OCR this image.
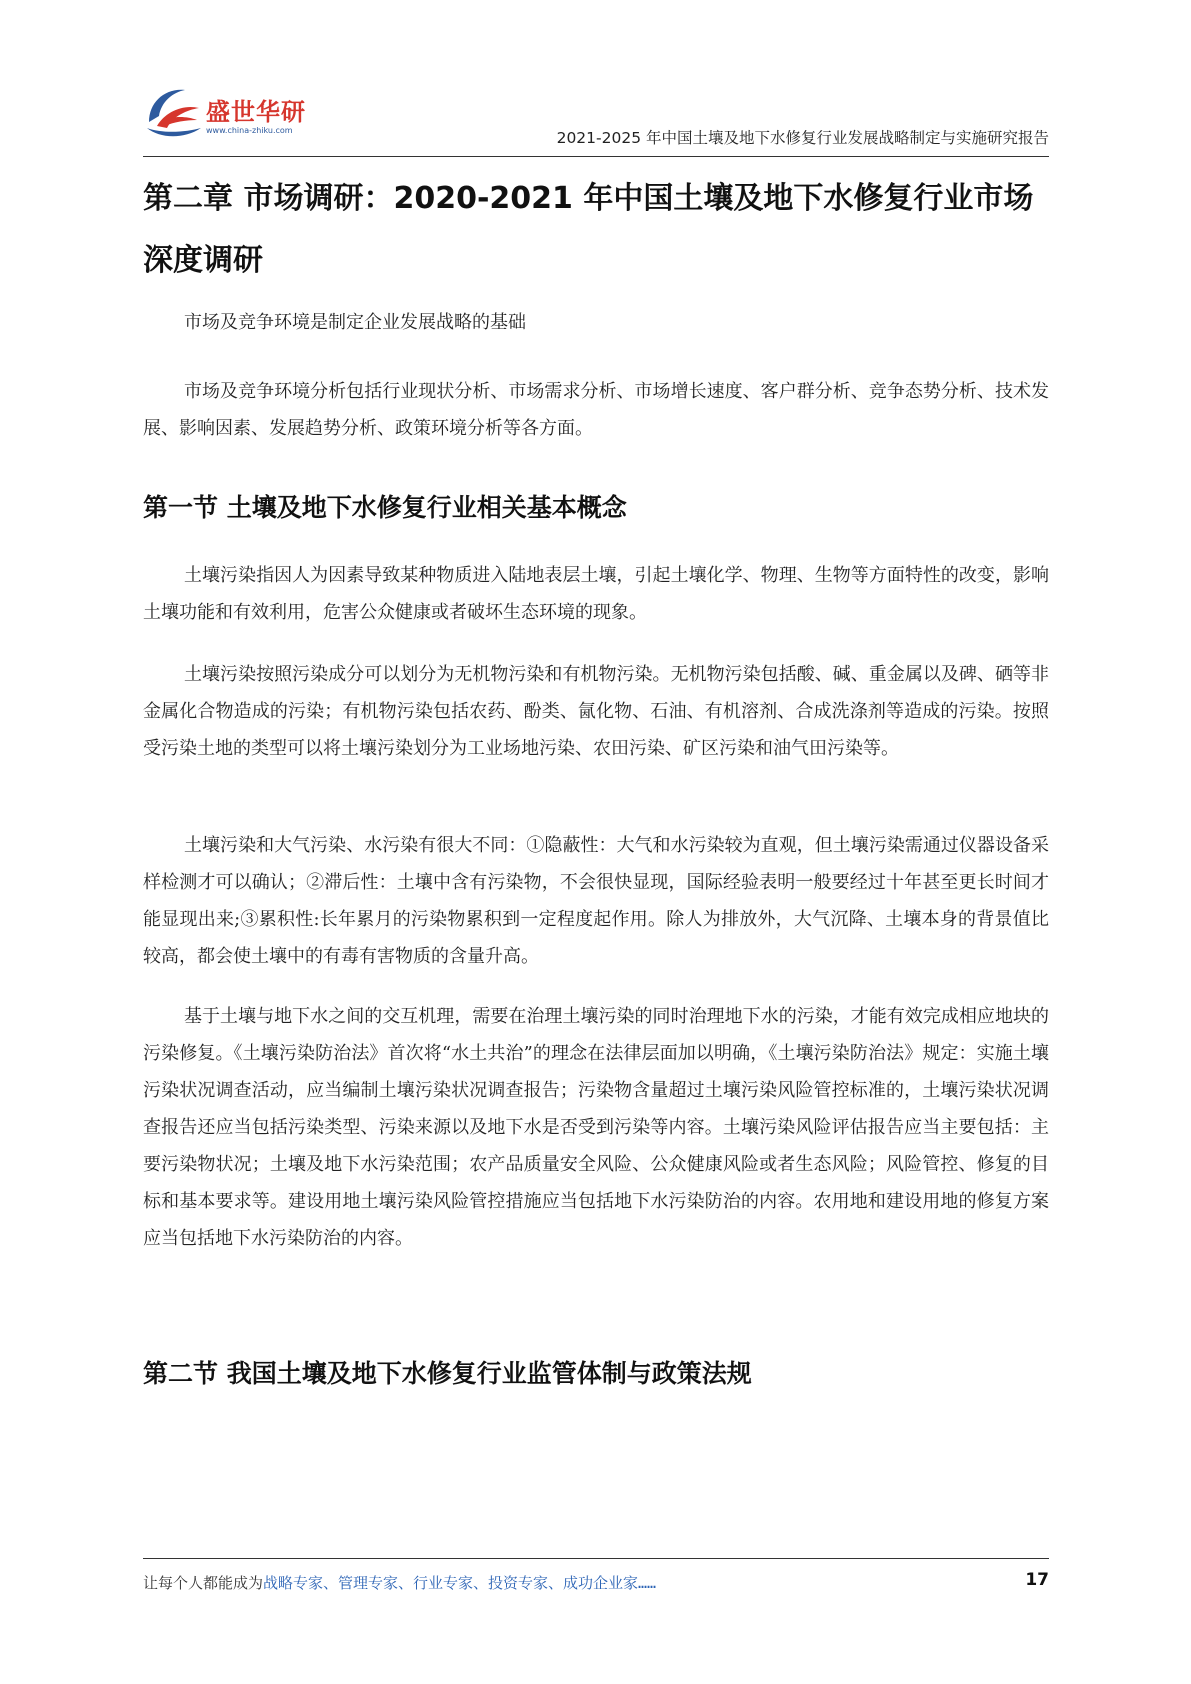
盛世华研
www.china-zhiku.com	2021-2025 年中国土壤及地下水修复行业发展战略制定与实施研究报告
第二章 市场调研：2020-2021 年中国土壤及地下水修复行业市场深度调研

市场及竞争环境是制定企业发展战略的基础

市场及竞争环境分析包括行业现状分析、市场需求分析、市场增长速度、客户群分析、竞争态势分析、技术发展、影响因素、发展趋势分析、政策环境分析等各方面。

第一节 土壤及地下水修复行业相关基本概念

土壤污染指因人为因素导致某种物质进入陆地表层土壤，引起土壤化学、物理、生物等方面特性的改变，影响土壤功能和有效利用，危害公众健康或者破坏生态环境的现象。

土壤污染按照污染成分可以划分为无机物污染和有机物污染。无机物污染包括酸、碱、重金属以及碑、硒等非金属化合物造成的污染；有机物污染包括农药、酚类、氤化物、石油、有机溶剂、合成洗涤剂等造成的污染。按照受污染土地的类型可以将土壤污染划分为工业场地污染、农田污染、矿区污染和油气田污染等。

土壤污染和大气污染、水污染有很大不同：①隐蔽性：大气和水污染较为直观，但土壤污染需通过仪器设备采样检测才可以确认；②滞后性：土壤中含有污染物，不会很快显现，国际经验表明一般要经过十年甚至更长时间才能显现出来;③累积性:长年累月的污染物累积到一定程度起作用。除人为排放外，大气沉降、土壤本身的背景值比较高，都会使土壤中的有毒有害物质的含量升高。

基于土壤与地下水之间的交互机理，需要在治理土壤污染的同时治理地下水的污染，才能有效完成相应地块的污染修复。《土壤污染防治法》首次将“水土共治”的理念在法律层面加以明确，《土壤污染防治法》规定：实施土壤污染状况调查活动，应当编制土壤污染状况调查报告；污染物含量超过土壤污染风险管控标准的，土壤污染状况调查报告还应当包括污染类型、污染来源以及地下水是否受到污染等内容。土壤污染风险评估报告应当主要包括：主要污染物状况；土壤及地下水污染范围；农产品质量安全风险、公众健康风险或者生态风险；风险管控、修复的目标和基本要求等。建设用地土壤污染风险管控措施应当包括地下水污染防治的内容。农用地和建设用地的修复方案应当包括地下水污染防治的内容。

第二节 我国土壤及地下水修复行业监管体制与政策法规
让每个人都能成为战略专家、管理专家、行业专家、投资专家、成功企业家……	17
